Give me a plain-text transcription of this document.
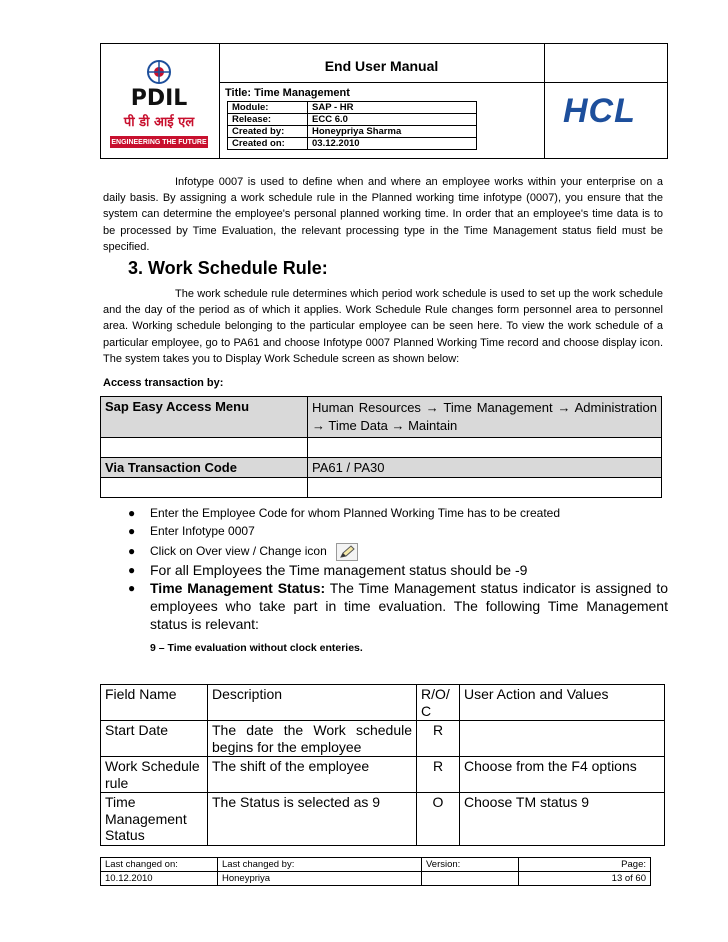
PDIL
पी डी आई एल
ENGINEERING THE FUTURE
End User Manual
Title: Time Management
Module:	SAP - HR
Release:	ECC 6.0
Created by:	Honeypriya Sharma
Created on:	03.12.2010
HCL
Infotype 0007 is used to define when and where an employee works within your enterprise on a daily basis. By assigning a work schedule rule in the Planned working time infotype (0007), you ensure that the system can determine the employee's personal planned working time. In order that an employee's time data is to be processed by Time Evaluation, the relevant processing type in the Time Management status field must be specified.
3. Work Schedule Rule:
The work schedule rule determines which period work schedule is used to set up the work schedule and the day of the period as of which it applies. Work Schedule Rule changes form personnel area to personnel area. Working schedule belonging to the particular employee can be seen here. To view the work schedule of a particular employee, go to PA61 and choose Infotype 0007 Planned Working Time record and choose display icon. The system takes you to Display Work Schedule screen as shown below:
Access transaction by:
Sap Easy Access Menu	Human Resources → Time Management → Administration → Time Data → Maintain

Via Transaction Code	PA61 / PA30

● Enter the Employee Code for whom Planned Working Time has to be created
● Enter Infotype 0007
● Click on Over view / Change icon
● For all Employees the Time management status should be -9
● Time Management Status: The Time Management status indicator is assigned to employees who take part in time evaluation. The following Time Management status is relevant:
9 – Time evaluation without clock enteries.
Field Name	Description	R/O/C	User Action and Values
Start Date	The date the Work schedule begins for the employee	R	
Work Schedule rule	The shift of the employee	R	Choose from the F4 options
Time Management Status	The Status is selected as 9	O	Choose TM status 9
Last changed on:	Last changed by:	Version:	Page:
10.12.2010	Honeypriya		13 of 60
